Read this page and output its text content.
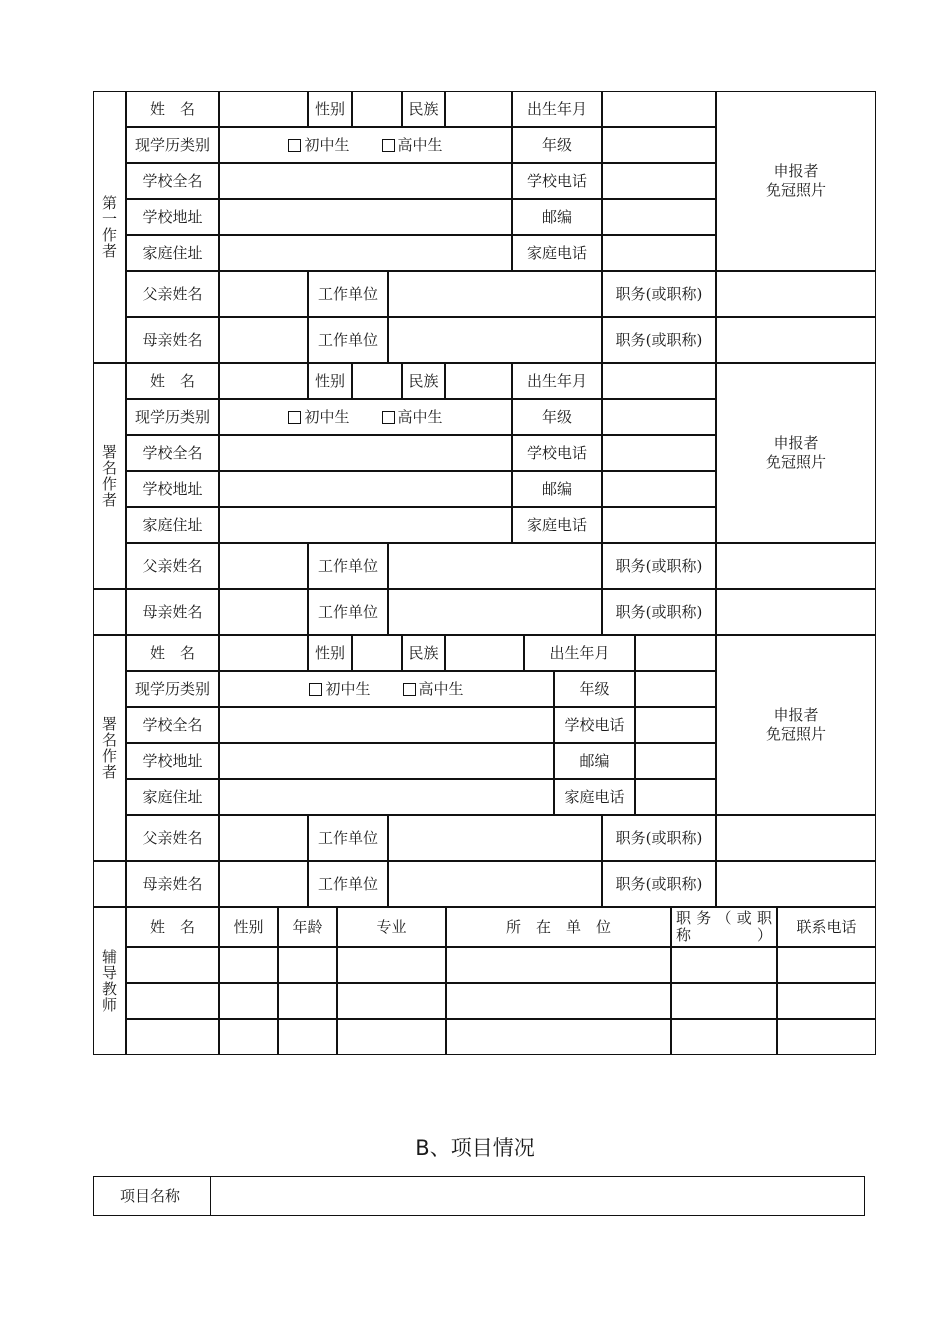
第一作者
姓　名	性别	民族	出生年月
现学历类别	初中生	高中生	年级
学校全名	学校电话
学校地址	邮编
家庭住址	家庭电话
申报者
免冠照片
父亲姓名	工作单位	职务(或职称)
母亲姓名	工作单位	职务(或职称)
署名作者
姓　名	性别	民族	出生年月
现学历类别	初中生	高中生	年级
学校全名	学校电话
学校地址	邮编
家庭住址	家庭电话
申报者
免冠照片
父亲姓名	工作单位	职务(或职称)
母亲姓名	工作单位	职务(或职称)
署名作者
姓　名	性别	民族	出生年月
现学历类别	初中生	高中生	年级
学校全名	学校电话
学校地址	邮编
家庭住址	家庭电话
申报者
免冠照片
父亲姓名	工作单位	职务(或职称)
母亲姓名	工作单位	职务(或职称)
辅导教师
姓　名	性别	年龄	专业	所　在　单　位	职务（或职称）	联系电话
B、项目情况
项目名称
